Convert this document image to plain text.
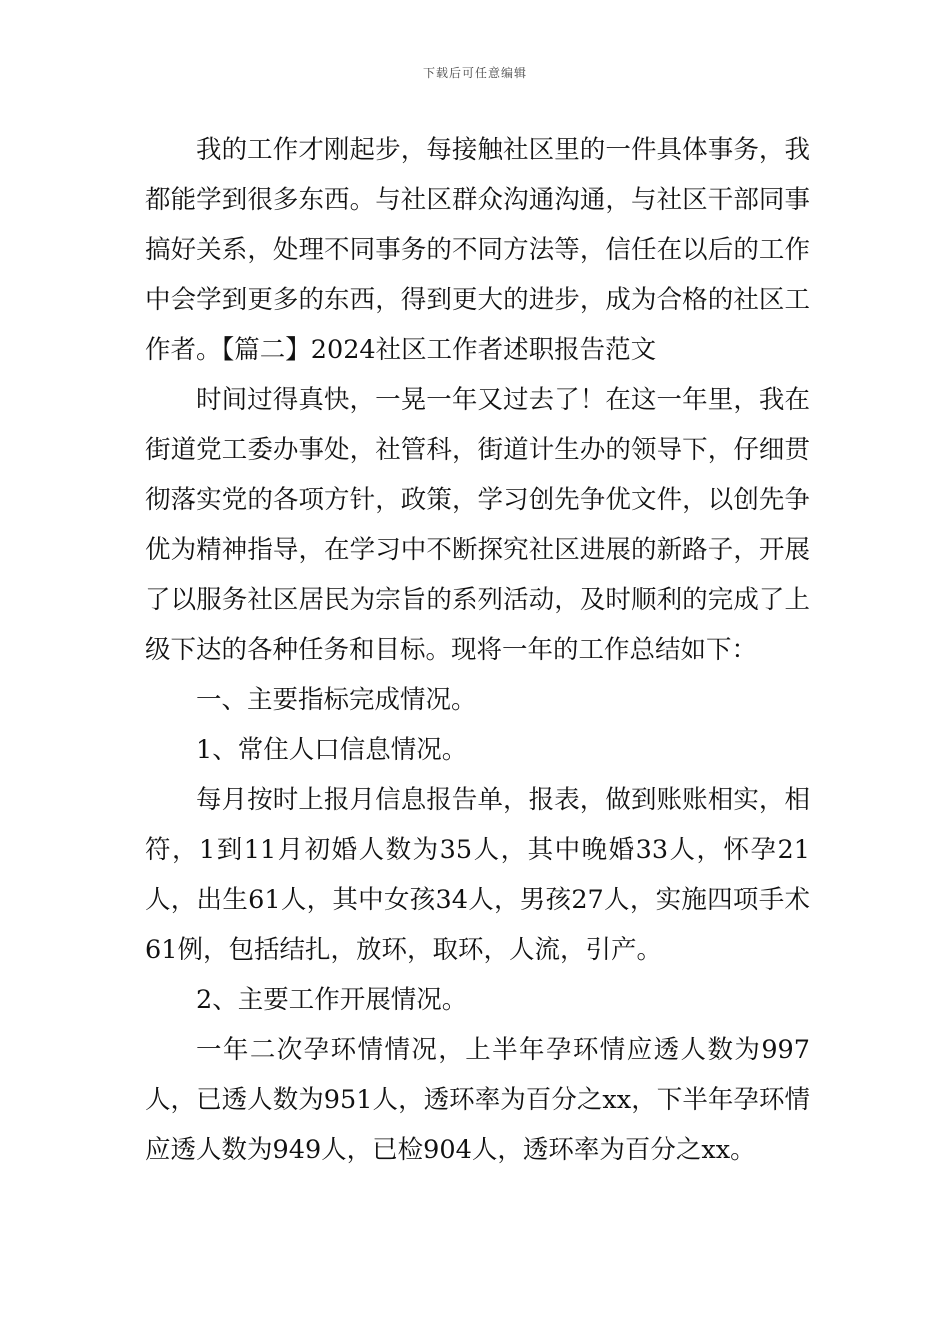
下载后可任意编辑

我的工作才刚起步，每接触社区里的一件具体事务，我都能学到很多东西。与社区群众沟通沟通，与社区干部同事搞好关系，处理不同事务的不同方法等，信任在以后的工作中会学到更多的东西，得到更大的进步，成为合格的社区工作者。【篇二】2024社区工作者述职报告范文

时间过得真快，一晃一年又过去了！在这一年里，我在街道党工委办事处，社管科，街道计生办的领导下，仔细贯彻落实党的各项方针，政策，学习创先争优文件，以创先争优为精神指导，在学习中不断探究社区进展的新路子，开展了以服务社区居民为宗旨的系列活动，及时顺利的完成了上级下达的各种任务和目标。现将一年的工作总结如下：

一、主要指标完成情况。

1、常住人口信息情况。

每月按时上报月信息报告单，报表，做到账账相实，相符，1到11月初婚人数为35人，其中晚婚33人，怀孕21人，出生61人，其中女孩34人，男孩27人，实施四项手术61例，包括结扎，放环，取环，人流，引产。

2、主要工作开展情况。

一年二次孕环情情况，上半年孕环情应透人数为997人，已透人数为951人，透环率为百分之xx，下半年孕环情应透人数为949人，已检904人，透环率为百分之xx。
